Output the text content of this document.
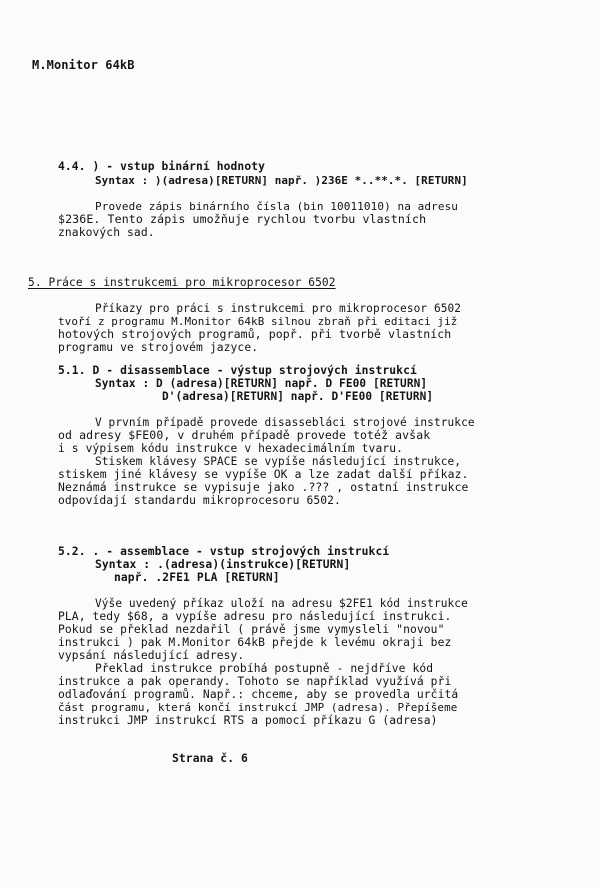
M.Monitor 64kB
4.4. ) - vstup binární hodnoty
Syntax : )(adresa)[RETURN] např. )236E *..**.*. [RETURN]
Provede zápis binárního čísla (bin 10011010) na adresu
$236E. Tento zápis umožňuje rychlou tvorbu vlastních
znakových sad.
5. Práce s instrukcemi pro mikroprocesor 6502
Příkazy pro práci s instrukcemi pro mikroprocesor 6502
tvoří z programu M.Monitor 64kB silnou zbraň při editaci již
hotových strojových programů, popř. při tvorbě vlastních
programu ve strojovém jazyce.
5.1. D - disassemblace - výstup strojových instrukcí
Syntax : D (adresa)[RETURN] např. D FE00 [RETURN]
D'(adresa)[RETURN] např. D'FE00 [RETURN]
V prvním případě provede disassebláci strojové instrukce
od adresy $FE00, v druhém případě provede totéž avšak
i s výpisem kódu instrukce v hexadecimálním tvaru.
Stiskem klávesy SPACE se vypíše následující instrukce,
stiskem jiné klávesy se vypíše OK a lze zadat další příkaz.
Neznámá instrukce se vypisuje jako .??? , ostatní instrukce
odpovídají standardu mikroprocesoru 6502.
5.2. . - assemblace - vstup strojových instrukcí
Syntax : .(adresa)(instrukce)[RETURN]
např. .2FE1 PLA [RETURN]
Výše uvedený příkaz uloží na adresu $2FE1 kód instrukce
PLA, tedy $68, a vypíše adresu pro následující instrukci.
Pokud se překlad nezdařil ( právě jsme vymysleli "novou"
instrukci ) pak M.Monitor 64kB přejde k levému okraji bez
vypsání následující adresy.
Překlad instrukce probíhá postupně - nejdříve kód
instrukce a pak operandy. Tohoto se například využívá při
odlaďování programů. Např.: chceme, aby se provedla určitá
část programu, která končí instrukcí JMP (adresa). Přepíšeme
instrukci JMP instrukcí RTS a pomocí příkazu G (adresa)
Strana č. 6
